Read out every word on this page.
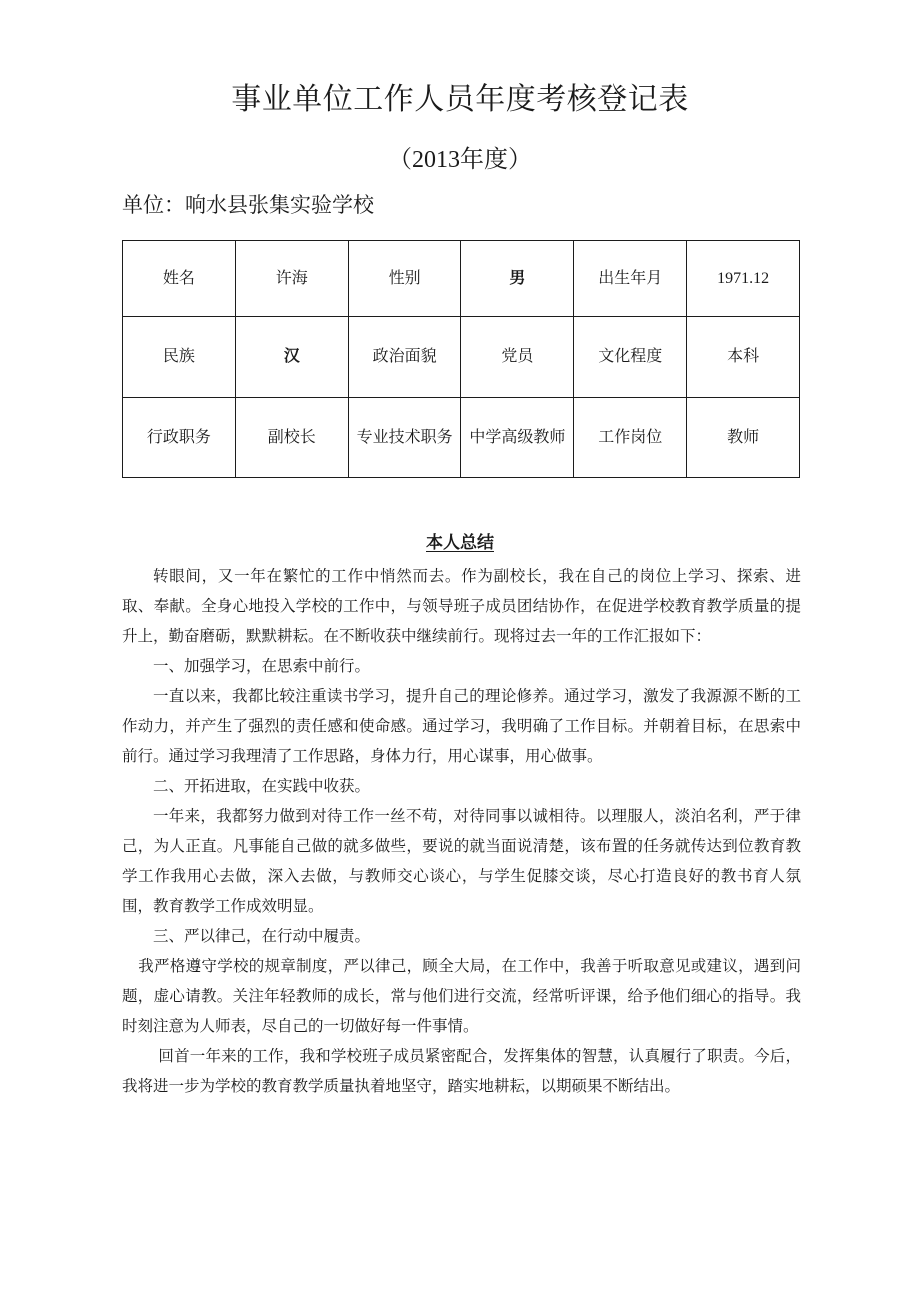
事业单位工作人员年度考核登记表
（2013年度）
单位：响水县张集实验学校
姓名	许海	性别	男	出生年月	1971.12
民族	汉	政治面貌	党员	文化程度	本科
行政职务	副校长	专业技术职务	中学高级教师	工作岗位	教师
本人总结

转眼间，又一年在繁忙的工作中悄然而去。作为副校长，我在自己的岗位上学习、探索、进取、奉献。全身心地投入学校的工作中，与领导班子成员团结协作，在促进学校教育教学质量的提升上，勤奋磨砺，默默耕耘。在不断收获中继续前行。现将过去一年的工作汇报如下：

一、加强学习，在思索中前行。

一直以来，我都比较注重读书学习，提升自己的理论修养。通过学习，激发了我源源不断的工作动力，并产生了强烈的责任感和使命感。通过学习，我明确了工作目标。并朝着目标，在思索中前行。通过学习我理清了工作思路，身体力行，用心谋事，用心做事。

二、开拓进取，在实践中收获。

一年来，我都努力做到对待工作一丝不苟，对待同事以诚相待。以理服人，淡泊名利，严于律己，为人正直。凡事能自己做的就多做些，要说的就当面说清楚，该布置的任务就传达到位教育教学工作我用心去做，深入去做，与教师交心谈心，与学生促膝交谈，尽心打造良好的教书育人氛围，教育教学工作成效明显。

三、严以律己，在行动中履责。

我严格遵守学校的规章制度，严以律己，顾全大局，在工作中，我善于听取意见或建议，遇到问题，虚心请教。关注年轻教师的成长，常与他们进行交流，经常听评课，给予他们细心的指导。我时刻注意为人师表，尽自己的一切做好每一件事情。

回首一年来的工作，我和学校班子成员紧密配合，发挥集体的智慧，认真履行了职责。今后，我将进一步为学校的教育教学质量执着地坚守，踏实地耕耘，以期硕果不断结出。
